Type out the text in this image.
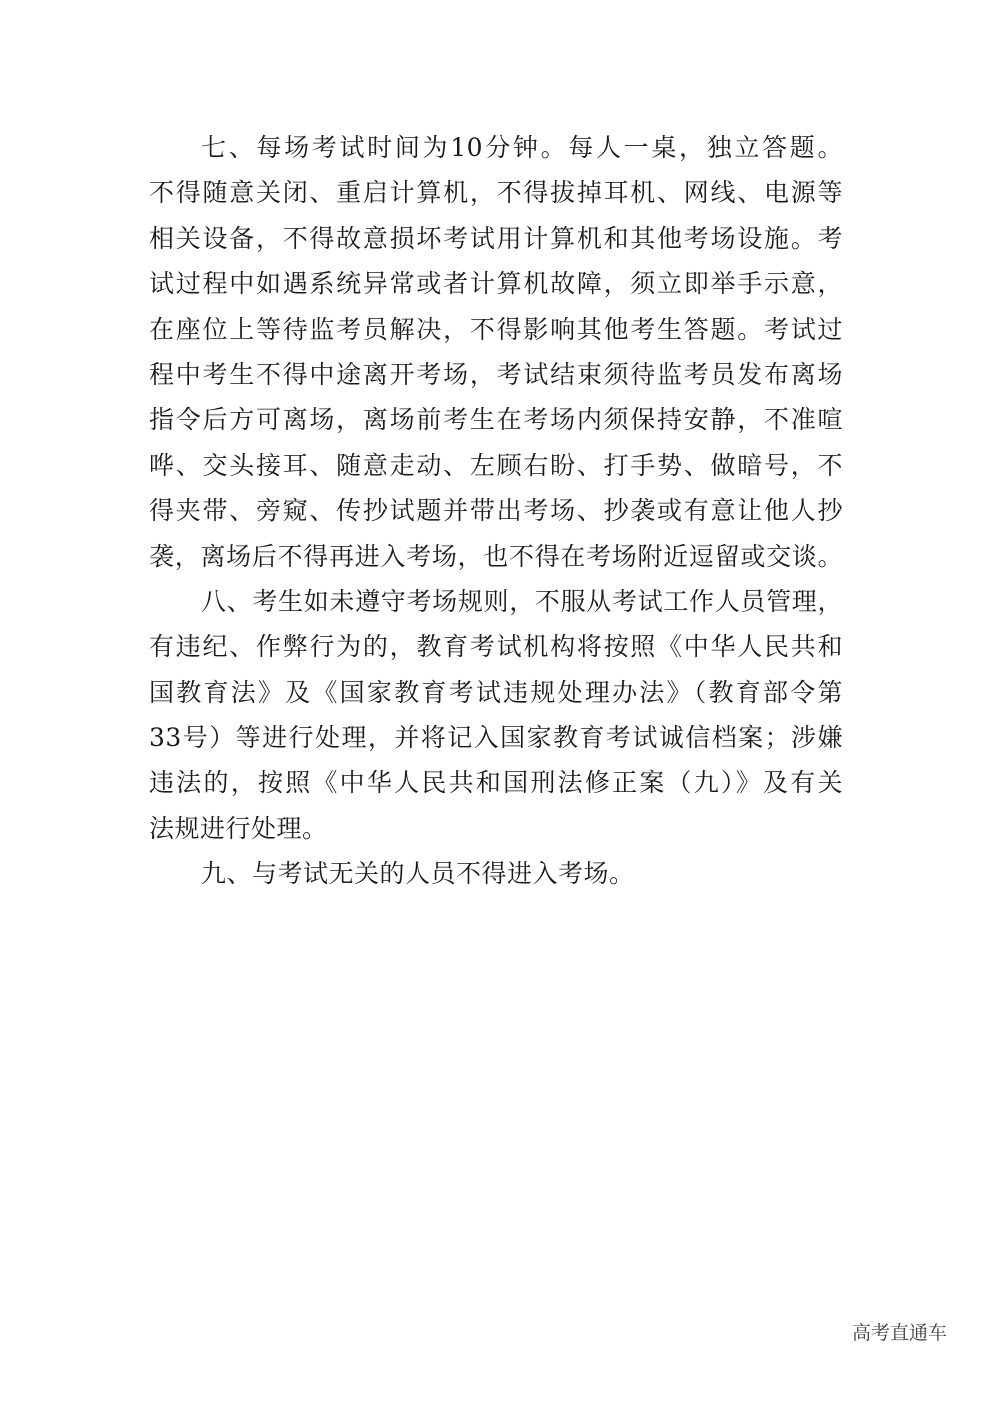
七、每场考试时间为10分钟。每人一桌，独立答题。
不得随意关闭、重启计算机，不得拔掉耳机、网线、电源等
相关设备，不得故意损坏考试用计算机和其他考场设施。考
试过程中如遇系统异常或者计算机故障，须立即举手示意，
在座位上等待监考员解决，不得影响其他考生答题。考试过
程中考生不得中途离开考场，考试结束须待监考员发布离场
指令后方可离场，离场前考生在考场内须保持安静，不准喧
哗、交头接耳、随意走动、左顾右盼、打手势、做暗号，不
得夹带、旁窥、传抄试题并带出考场、抄袭或有意让他人抄
袭，离场后不得再进入考场，也不得在考场附近逗留或交谈。
八、考生如未遵守考场规则，不服从考试工作人员管理，
有违纪、作弊行为的，教育考试机构将按照《中华人民共和
国教育法》及《国家教育考试违规处理办法》（教育部令第
33号）等进行处理，并将记入国家教育考试诚信档案；涉嫌
违法的，按照《中华人民共和国刑法修正案（九）》及有关
法规进行处理。
九、与考试无关的人员不得进入考场。
高考直通车
